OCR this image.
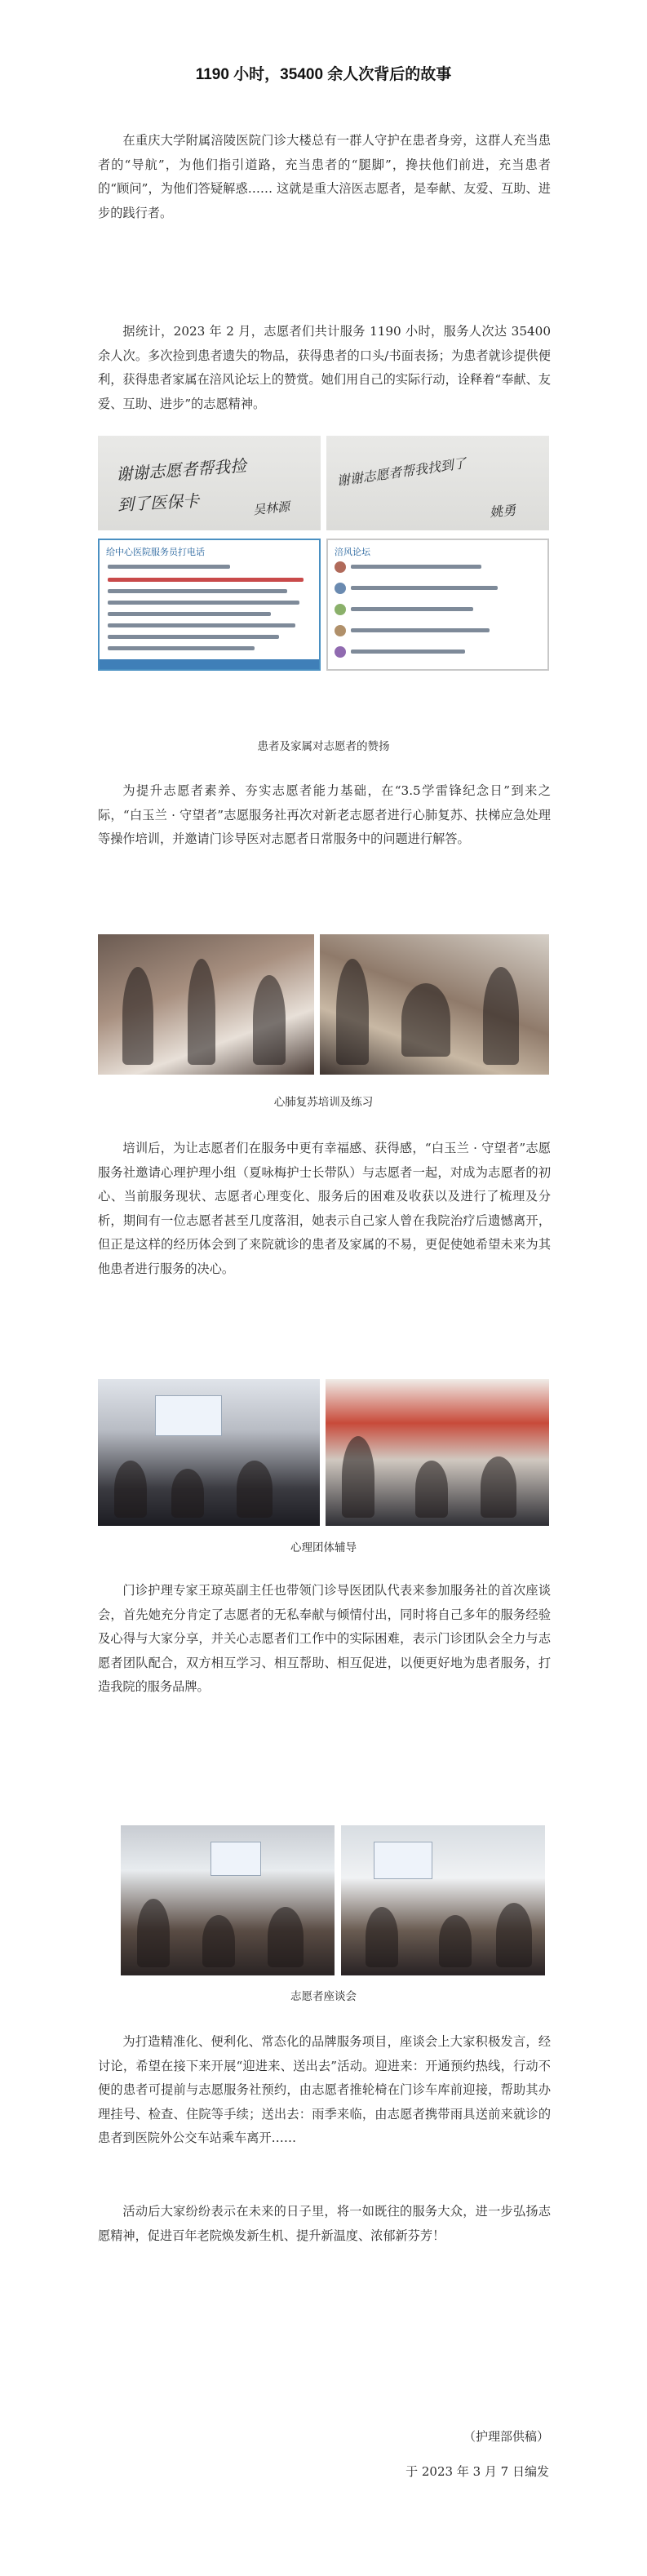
1190 小时，35400 余人次背后的故事

在重庆大学附属涪陵医院门诊大楼总有一群人守护在患者身旁，这群人充当患者的“导航”，为他们指引道路，充当患者的“腿脚”，搀扶他们前进，充当患者的“顾问”，为他们答疑解惑…… 这就是重大涪医志愿者，是奉献、友爱、互助、进步的践行者。

据统计，2023 年 2 月，志愿者们共计服务 1190 小时，服务人次达 35400 余人次。多次捡到患者遗失的物品，获得患者的口头/书面表扬；为患者就诊提供便利，获得患者家属在涪风论坛上的赞赏。她们用自己的实际行动，诠释着“奉献、友爱、互助、进步”的志愿精神。

谢谢志愿者帮我捡
到了医保卡	吴林源
谢谢志愿者帮我找到了
姚勇
给中心医院服务员打电话	涪风论坛
患者及家属对志愿者的赞扬

为提升志愿者素养、夯实志愿者能力基础，在“3.5学雷锋纪念日”到来之际，“白玉兰 · 守望者”志愿服务社再次对新老志愿者进行心肺复苏、扶梯应急处理等操作培训，并邀请门诊导医对志愿者日常服务中的问题进行解答。

心肺复苏培训及练习

培训后，为让志愿者们在服务中更有幸福感、获得感，“白玉兰 · 守望者”志愿服务社邀请心理护理小组（夏咏梅护士长带队）与志愿者一起，对成为志愿者的初心、当前服务现状、志愿者心理变化、服务后的困难及收获以及进行了梳理及分析，期间有一位志愿者甚至几度落泪，她表示自己家人曾在我院治疗后遗憾离开，但正是这样的经历体会到了来院就诊的患者及家属的不易，更促使她希望未来为其他患者进行服务的决心。

心理团体辅导

门诊护理专家王琼英副主任也带领门诊导医团队代表来参加服务社的首次座谈会，首先她充分肯定了志愿者的无私奉献与倾情付出，同时将自己多年的服务经验及心得与大家分享，并关心志愿者们工作中的实际困难，表示门诊团队会全力与志愿者团队配合，双方相互学习、相互帮助、相互促进，以便更好地为患者服务，打造我院的服务品牌。

志愿者座谈会

为打造精准化、便利化、常态化的品牌服务项目，座谈会上大家积极发言，经讨论，希望在接下来开展“迎进来、送出去”活动。迎进来：开通预约热线，行动不便的患者可提前与志愿服务社预约，由志愿者推轮椅在门诊车库前迎接，帮助其办理挂号、检查、住院等手续；送出去：雨季来临，由志愿者携带雨具送前来就诊的患者到医院外公交车站乘车离开……

活动后大家纷纷表示在未来的日子里，将一如既往的服务大众，进一步弘扬志愿精神，促进百年老院焕发新生机、提升新温度、浓郁新芬芳！

（护理部供稿）
于 2023 年 3 月 7 日编发
